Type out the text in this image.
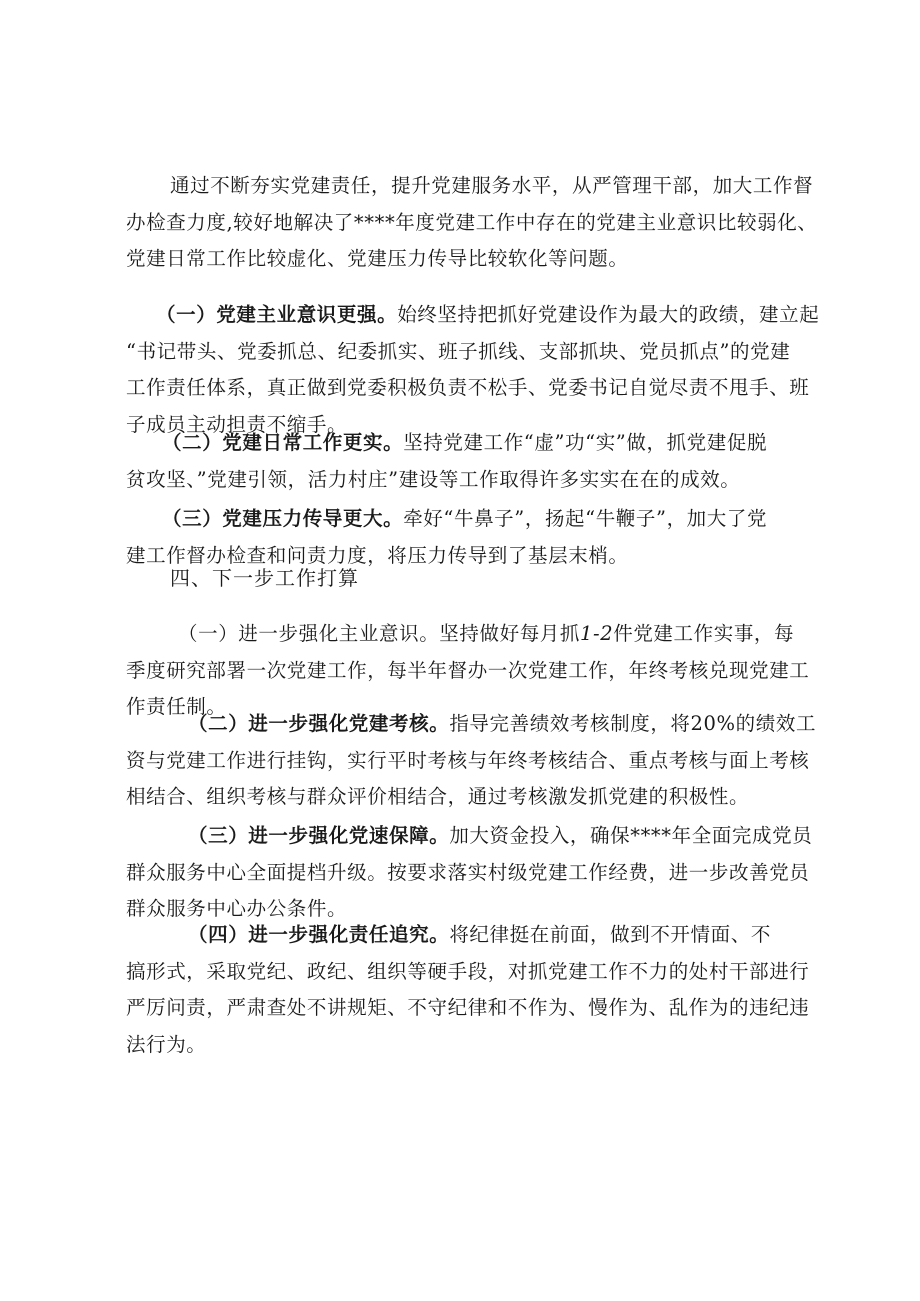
通过不断夯实党建责任，提升党建服务水平，从严管理干部，加大工作督
办检查力度,较好地解决了****年度党建工作中存在的党建主业意识比较弱化、
党建日常工作比较虚化、党建压力传导比较软化等问题。
（一）党建主业意识更强。始终坚持把抓好党建设作为最大的政绩，建立起
“书记带头、党委抓总、纪委抓实、班子抓线、支部抓块、党员抓点”的党建
工作责任体系，真正做到党委积极负责不松手、党委书记自觉尽责不甩手、班
子成员主动担责不缩手。
（二）党建日常工作更实。坚持党建工作“虚”功“实”做，抓党建促脱
贫攻坚、”党建引领，活力村庄”建设等工作取得许多实实在在的成效。
（三）党建压力传导更大。牵好“牛鼻子”，扬起“牛鞭子”，加大了党
建工作督办检查和问责力度，将压力传导到了基层末梢。
四、下一步工作打算
（一）进一步强化主业意识。坚持做好每月抓1-2件党建工作实事，每
季度研究部署一次党建工作，每半年督办一次党建工作，年终考核兑现党建工
作责任制。
（二）进一步强化党建考核。指导完善绩效考核制度，将20%的绩效工
资与党建工作进行挂钩，实行平时考核与年终考核结合、重点考核与面上考核
相结合、组织考核与群众评价相结合，通过考核激发抓党建的积极性。
（三）进一步强化党速保障。加大资金投入，确保****年全面完成党员
群众服务中心全面提档升级。按要求落实村级党建工作经费，进一步改善党员
群众服务中心办公条件。
（四）进一步强化责任追究。将纪律挺在前面，做到不开情面、不
搞形式，采取党纪、政纪、组织等硬手段，对抓党建工作不力的处村干部进行
严厉问责，严肃查处不讲规矩、不守纪律和不作为、慢作为、乱作为的违纪违
法行为。
